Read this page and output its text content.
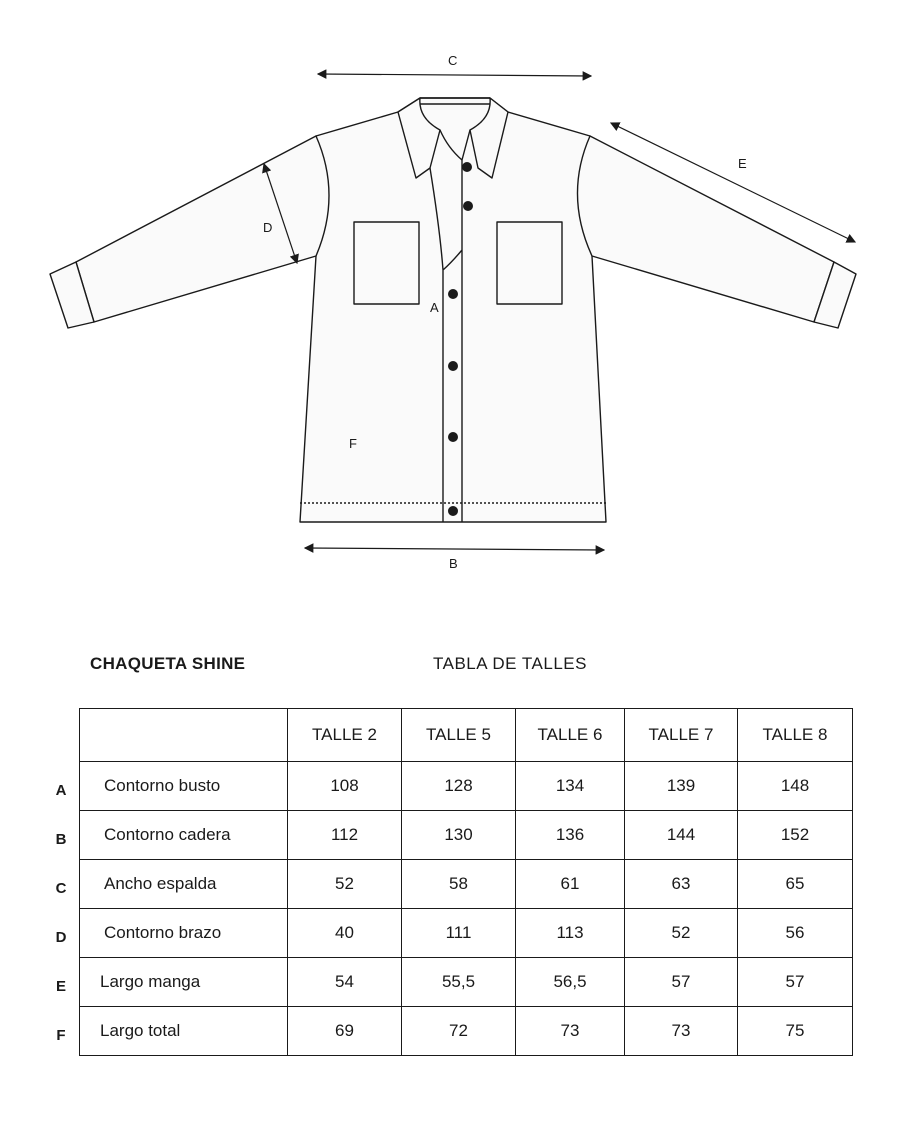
C
B
E
D
A
F
CHAQUETA SHINE	TABLA DE TALLES
A
B
C
D
E
F
	TALLE 2	TALLE 5	TALLE 6	TALLE 7	TALLE 8
Contorno busto	108	128	134	139	148
Contorno cadera	112	130	136	144	152
Ancho espalda	52	58	61	63	65
Contorno brazo	40	111	113	52	56
Largo manga	54	55,5	56,5	57	57
Largo total	69	72	73	73	75
